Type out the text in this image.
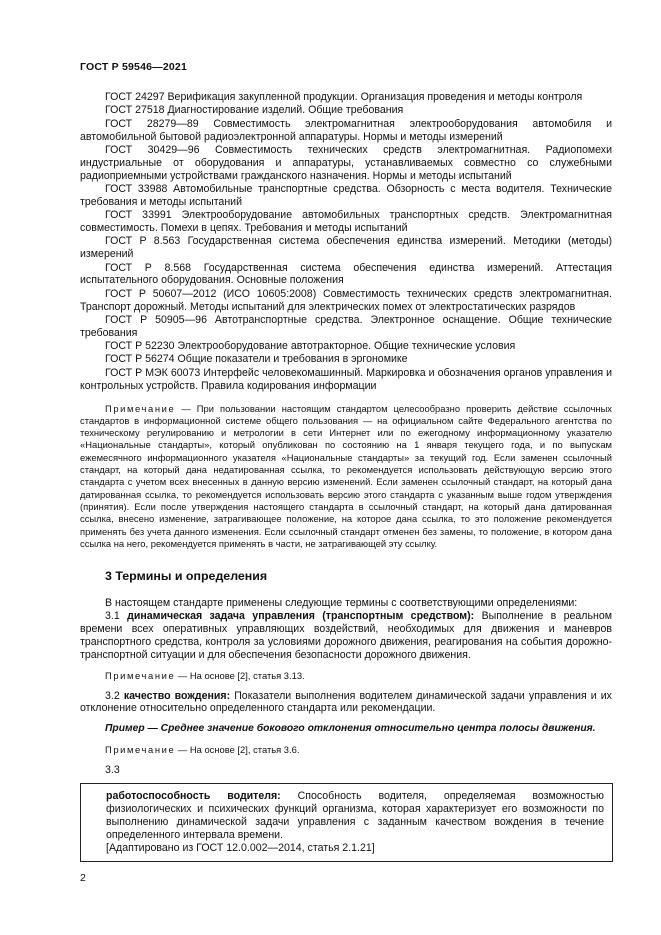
ГОСТ Р 59546—2021

ГОСТ 24297 Верификация закупленной продукции. Организация проведения и методы контроля

ГОСТ 27518 Диагностирование изделий. Общие требования

ГОСТ 28279—89 Совместимость электромагнитная электрооборудования автомобиля и автомобильной бытовой радиоэлектронной аппаратуры. Нормы и методы измерений

ГОСТ 30429—96 Совместимость технических средств электромагнитная. Радиопомехи индустриальные от оборудования и аппаратуры, устанавливаемых совместно со служебными радиоприемными устройствами гражданского назначения. Нормы и методы испытаний

ГОСТ 33988 Автомобильные транспортные средства. Обзорность с места водителя. Технические требования и методы испытаний

ГОСТ 33991 Электрооборудование автомобильных транспортных средств. Электромагнитная совместимость. Помехи в цепях. Требования и методы испытаний

ГОСТ Р 8.563 Государственная система обеспечения единства измерений. Методики (методы) измерений

ГОСТ Р 8.568 Государственная система обеспечения единства измерений. Аттестация испытательного оборудования. Основные положения

ГОСТ Р 50607—2012 (ИСО 10605:2008) Совместимость технических средств электромагнитная. Транспорт дорожный. Методы испытаний для электрических помех от электростатических разрядов

ГОСТ Р 50905—96 Автотранспортные средства. Электронное оснащение. Общие технические требования

ГОСТ Р 52230 Электрооборудование автотракторное. Общие технические условия

ГОСТ Р 56274 Общие показатели и требования в эргономике

ГОСТ Р МЭК 60073 Интерфейс человекомашинный. Маркировка и обозначения органов управления и контрольных устройств. Правила кодирования информации

Примечание — При пользовании настоящим стандартом целесообразно проверить действие ссылочных стандартов в информационной системе общего пользования — на официальном сайте Федерального агентства по техническому регулированию и метрологии в сети Интернет или по ежегодному информационному указателю «Национальные стандарты», который опубликован по состоянию на 1 января текущего года, и по выпускам ежемесячного информационного указателя «Национальные стандарты» за текущий год. Если заменен ссылочный стандарт, на который дана недатированная ссылка, то рекомендуется использовать действующую версию этого стандарта с учетом всех внесенных в данную версию изменений. Если заменен ссылочный стандарт, на который дана датированная ссылка, то рекомендуется использовать версию этого стандарта с указанным выше годом утверждения (принятия). Если после утверждения настоящего стандарта в ссылочный стандарт, на который дана датированная ссылка, внесено изменение, затрагивающее положение, на которое дана ссылка, то это положение рекомендуется применять без учета данного изменения. Если ссылочный стандарт отменен без замены, то положение, в котором дана ссылка на него, рекомендуется применять в части, не затрагивающей эту ссылку.

3 Термины и определения

В настоящем стандарте применены следующие термины с соответствующими определениями:

3.1 динамическая задача управления (транспортным средством): Выполнение в реальном времени всех оперативных управляющих воздействий, необходимых для движения и маневров транспортного средства, контроля за условиями дорожного движения, реагирования на события дорожно-транспортной ситуации и для обеспечения безопасности дорожного движения.

Примечание — На основе [2], статья 3.13.

3.2 качество вождения: Показатели выполнения водителем динамической задачи управления и их отклонение относительно определенного стандарта или рекомендации.

Пример — Среднее значение бокового отклонения относительно центра полосы движения.

Примечание — На основе [2], статья 3.6.

3.3

работоспособность водителя: Способность водителя, определяемая возможностью физиологических и психических функций организма, которая характеризует его возможности по выполнению динамической задачи управления с заданным качеством вождения в течение определенного интервала времени.

[Адаптировано из ГОСТ 12.0.002—2014, статья 2.1.21]

2
